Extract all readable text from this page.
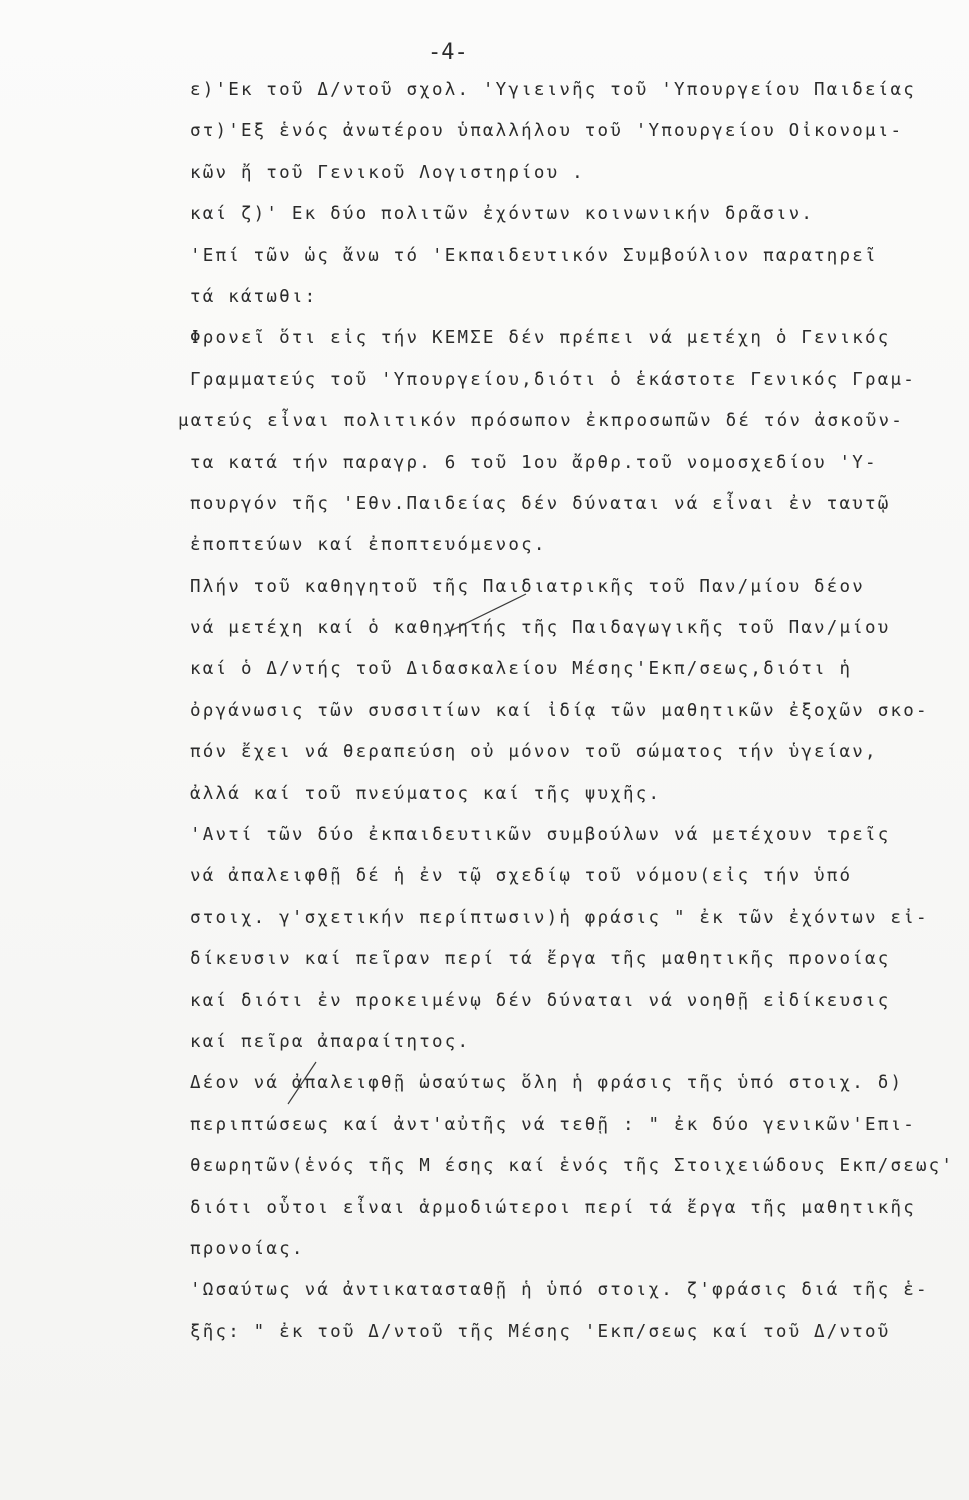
-4-
ε)'Εκ τοῦ Δ/ντοῦ σχολ. 'Υγιεινῆς τοῦ 'Υπουργείου Παιδείας
στ)'Εξ ἑνός ἀνωτέρου ὑπαλλήλου τοῦ 'Υπουργείου Οἰκονομι-
κῶν ἤ τοῦ Γενικοῦ Λογιστηρίου .
καί ζ)' Εκ δύο πολιτῶν ἐχόντων κοινωνικήν δρᾶσιν.
'Επί τῶν ὡς ἄνω τό 'Εκπαιδευτικόν Συμβούλιον παρατηρεῖ
τά κάτωθι:
Φρονεῖ ὅτι εἰς τήν ΚΕΜΣΕ δέν πρέπει νά μετέχη ὁ Γενικός
Γραμματεύς τοῦ 'Υπουργείου,διότι ὁ ἑκάστοτε Γενικός Γραμ-
ματεύς εἶναι πολιτικόν πρόσωπον ἐκπροσωπῶν δέ τόν ἀσκοῦν-
τα κατά τήν παραγρ. 6 τοῦ 1ου ἄρθρ.τοῦ νομοσχεδίου 'Υ-
πουργόν τῆς 'Εθν.Παιδείας δέν δύναται νά εἶναι ἐν ταυτῷ
ἐποπτεύων καί ἐποπτευόμενος.
Πλήν τοῦ καθηγητοῦ τῆς Παιδιατρικῆς τοῦ Παν/μίου δέον
νά μετέχη καί ὁ καθηγητής τῆς Παιδαγωγικῆς τοῦ Παν/μίου
καί ὁ Δ/ντής τοῦ Διδασκαλείου Μέσης'Εκπ/σεως,διότι ἡ
ὀργάνωσις τῶν συσσιτίων καί ἰδίᾳ τῶν μαθητικῶν ἐξοχῶν σκο-
πόν ἔχει νά θεραπεύση οὐ μόνον τοῦ σώματος τήν ὑγείαν,
ἀλλά καί τοῦ πνεύματος καί τῆς ψυχῆς.
'Αντί τῶν δύο ἐκπαιδευτικῶν συμβούλων νά μετέχουν τρεῖς
νά ἀπαλειφθῇ δέ ἡ ἐν τῷ σχεδίῳ τοῦ νόμου(εἰς τήν ὑπό
στοιχ. γ'σχετικήν περίπτωσιν)ἡ φράσις " ἐκ τῶν ἐχόντων εἰ-
δίκευσιν καί πεῖραν περί τά ἔργα τῆς μαθητικῆς προνοίας
καί διότι ἐν προκειμένῳ δέν δύναται νά νοηθῇ εἰδίκευσις
καί πεῖρα ἀπαραίτητος.
Δέον νά ἀπαλειφθῇ ὡσαύτως ὅλη ἡ φράσις τῆς ὑπό στοιχ. δ)
περιπτώσεως καί ἀντ'αὐτῆς νά τεθῇ : " ἐκ δύο γενικῶν'Επι-
θεωρητῶν(ἑνός τῆς Μ έσης καί ἑνός τῆς Στοιχειώδους Εκπ/σεως'
διότι οὗτοι εἶναι ἁρμοδιώτεροι περί τά ἔργα τῆς μαθητικῆς
προνοίας.
'Ωσαύτως νά ἀντικατασταθῇ ἡ ὑπό στοιχ. ζ'φράσις διά τῆς ἑ-
ξῆς: " ἐκ τοῦ Δ/ντοῦ τῆς Μέσης 'Εκπ/σεως καί τοῦ Δ/ντοῦ
